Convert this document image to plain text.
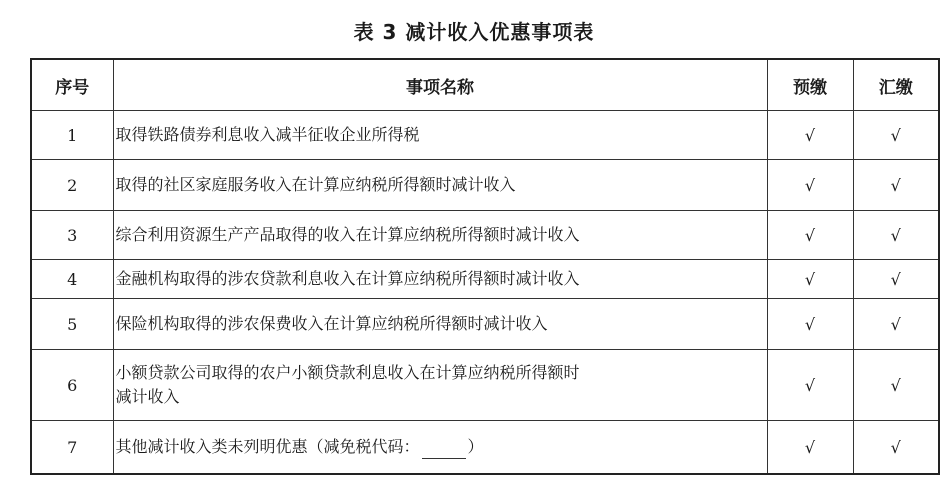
表 3 减计收入优惠事项表
序号	事项名称	预缴	汇缴
1	取得铁路债券利息收入减半征收企业所得税	√	√
2	取得的社区家庭服务收入在计算应纳税所得额时减计收入	√	√
3	综合利用资源生产产品取得的收入在计算应纳税所得额时减计收入	√	√
4	金融机构取得的涉农贷款利息收入在计算应纳税所得额时减计收入	√	√
5	保险机构取得的涉农保费收入在计算应纳税所得额时减计收入	√	√
6	小额贷款公司取得的农户小额贷款利息收入在计算应纳税所得额时
减计收入	√	√
7	其他减计收入类未列明优惠（减免税代码： ）	√	√
